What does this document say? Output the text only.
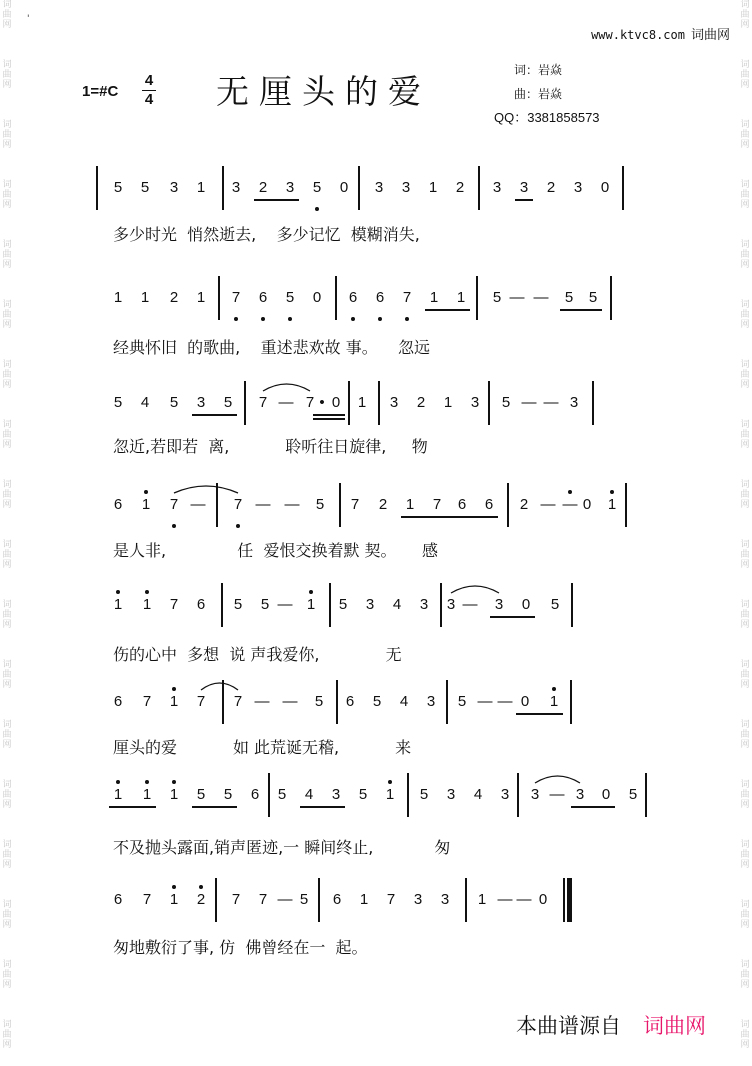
词曲网
词曲网
词曲网
词曲网
词曲网
词曲网
词曲网
词曲网
词曲网
词曲网
词曲网
词曲网
词曲网
词曲网
词曲网
词曲网
词曲网
词曲网
词曲网
词曲网
词曲网
词曲网
词曲网
词曲网
词曲网
词曲网
词曲网
词曲网
词曲网
词曲网
词曲网
词曲网
词曲网
词曲网
词曲网
词曲网
'
www.ktvc8.com 词曲网
1=#C
4
4 无厘头的爱
词：岩焱
曲：岩焱
QQ：3381858573
5 5 3 1 3 2 3 5 0 3 3 1 2 3 3 2 3 0
多少时光  悄然逝去,    多少记忆  模糊消失,
1 1 2 1 7 6 5 0 6 6 7 1 1 5 — — 5 5
经典怀旧  的歌曲,    重述悲欢故 事。    忽远
5 4 5 3 5 7 — 7 • 0 1 3 2 1 3 5 — — 3
忽近,若即若  离,           聆听往日旋律,     物
6 1 7 — 7 — — 5 7 2 1 7 6 6 2 — — 0 1
是人非,              任  爱恨交换着默 契。     感
1 1 7 6 5 5 — 1 5 3 4 3 3 — 3 0 5
伤的心中  多想  说 声我爱你,             无
6 7 1 7 7 — — 5 6 5 4 3 5 — — 0 1
厘头的爱           如 此荒诞无稽,           来
1 1 1 5 5 6 5 4 3 5 1 5 3 4 3 3 — 3 0 5
不及抛头露面,销声匿迹,一 瞬间终止,            匆
6 7 1 2 7 7 — 5 6 1 7 3 3 1 — — 0
匆地敷衍了事, 仿  佛曾经在一  起。
本曲谱源自 词曲网
